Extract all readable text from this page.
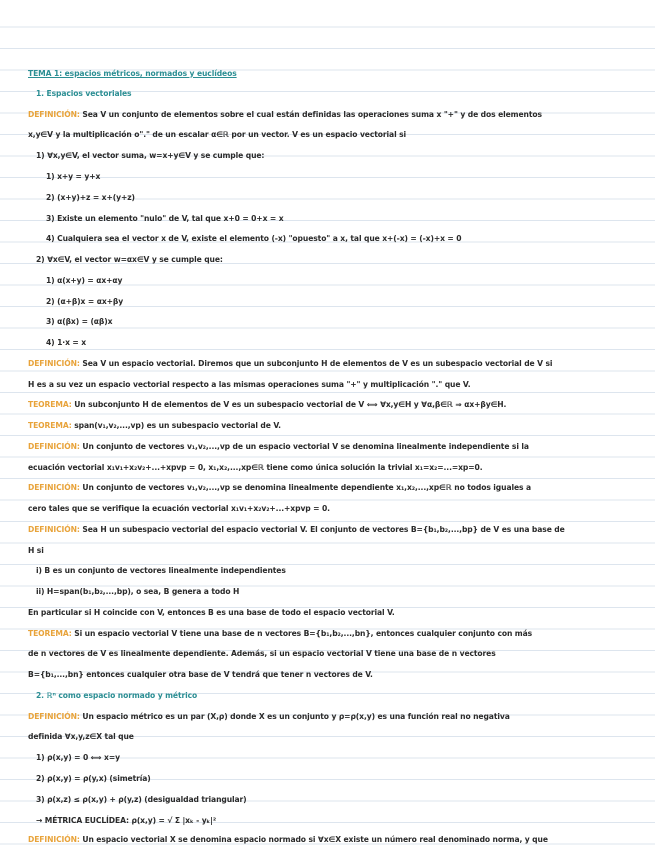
TEMA 1: espacios métricos, normados y euclídeos
1. Espacios vectoriales
DEFINICIÓN: Sea V un conjunto de elementos sobre el cual están definidas las operaciones suma x "+" y de dos elementos
x,y∈V y la multiplicación o"." de un escalar α∈ℝ por un vector. V es un espacio vectorial si
1) ∀x,y∈V, el vector suma, w=x+y∈V y se cumple que:
1) x+y = y+x
2) (x+y)+z = x+(y+z)
3) Existe un elemento "nulo" de V, tal que x+0 = 0+x = x
4) Cualquiera sea el vector x de V, existe el elemento (-x) "opuesto" a x, tal que x+(-x) = (-x)+x = 0
2) ∀x∈V, el vector w=αx∈V y se cumple que:
1) α(x+y) = αx+αy
2) (α+β)x = αx+βy
3) α(βx) = (αβ)x
4) 1·x = x
DEFINICIÓN: Sea V un espacio vectorial. Diremos que un subconjunto H de elementos de V es un subespacio vectorial de V si
H es a su vez un espacio vectorial respecto a las mismas operaciones suma "+" y multiplicación "." que V.
TEOREMA: Un subconjunto H de elementos de V es un subespacio vectorial de V ⟺ ∀x,y∈H y ∀α,β∈ℝ ⇒ αx+βy∈H.
TEOREMA: span(v₁,v₂,...,vp) es un subespacio vectorial de V.
DEFINICIÓN: Un conjunto de vectores v₁,v₂,...,vp de un espacio vectorial V se denomina linealmente independiente si la
ecuación vectorial x₁v₁+x₂v₂+...+xpvp = 0, x₁,x₂,...,xp∈ℝ tiene como única solución la trivial x₁=x₂=...=xp=0.
DEFINICIÓN: Un conjunto de vectores v₁,v₂,...,vp se denomina linealmente dependiente x₁,x₂,...,xp∈ℝ no todos iguales a
cero tales que se verifique la ecuación vectorial x₁v₁+x₂v₂+...+xpvp = 0.
DEFINICIÓN: Sea H un subespacio vectorial del espacio vectorial V. El conjunto de vectores B={b₁,b₂,...,bp} de V es una base de
H si
i) B es un conjunto de vectores linealmente independientes
ii) H=span(b₁,b₂,...,bp), o sea, B genera a todo H
En particular si H coincide con V, entonces B es una base de todo el espacio vectorial V.
TEOREMA: Si un espacio vectorial V tiene una base de n vectores B={b₁,b₂,...,bn}, entonces cualquier conjunto con más
de n vectores de V es linealmente dependiente. Además, si un espacio vectorial V tiene una base de n vectores
B={b₁,...,bn} entonces cualquier otra base de V tendrá que tener n vectores de V.
2. ℝⁿ como espacio normado y métrico
DEFINICIÓN: Un espacio métrico es un par (X,ρ) donde X es un conjunto y ρ=ρ(x,y) es una función real no negativa
definida ∀x,y,z∈X tal que
1) ρ(x,y) = 0 ⟺ x=y
2) ρ(x,y) = ρ(y,x) (simetría)
3) ρ(x,z) ≤ ρ(x,y) + ρ(y,z) (desigualdad triangular)
→ MÉTRICA EUCLÍDEA: ρ(x,y) = √ Σ |xₖ - yₖ|²
DEFINICIÓN: Un espacio vectorial X se denomina espacio normado si ∀x∈X existe un número real denominado norma, y que
